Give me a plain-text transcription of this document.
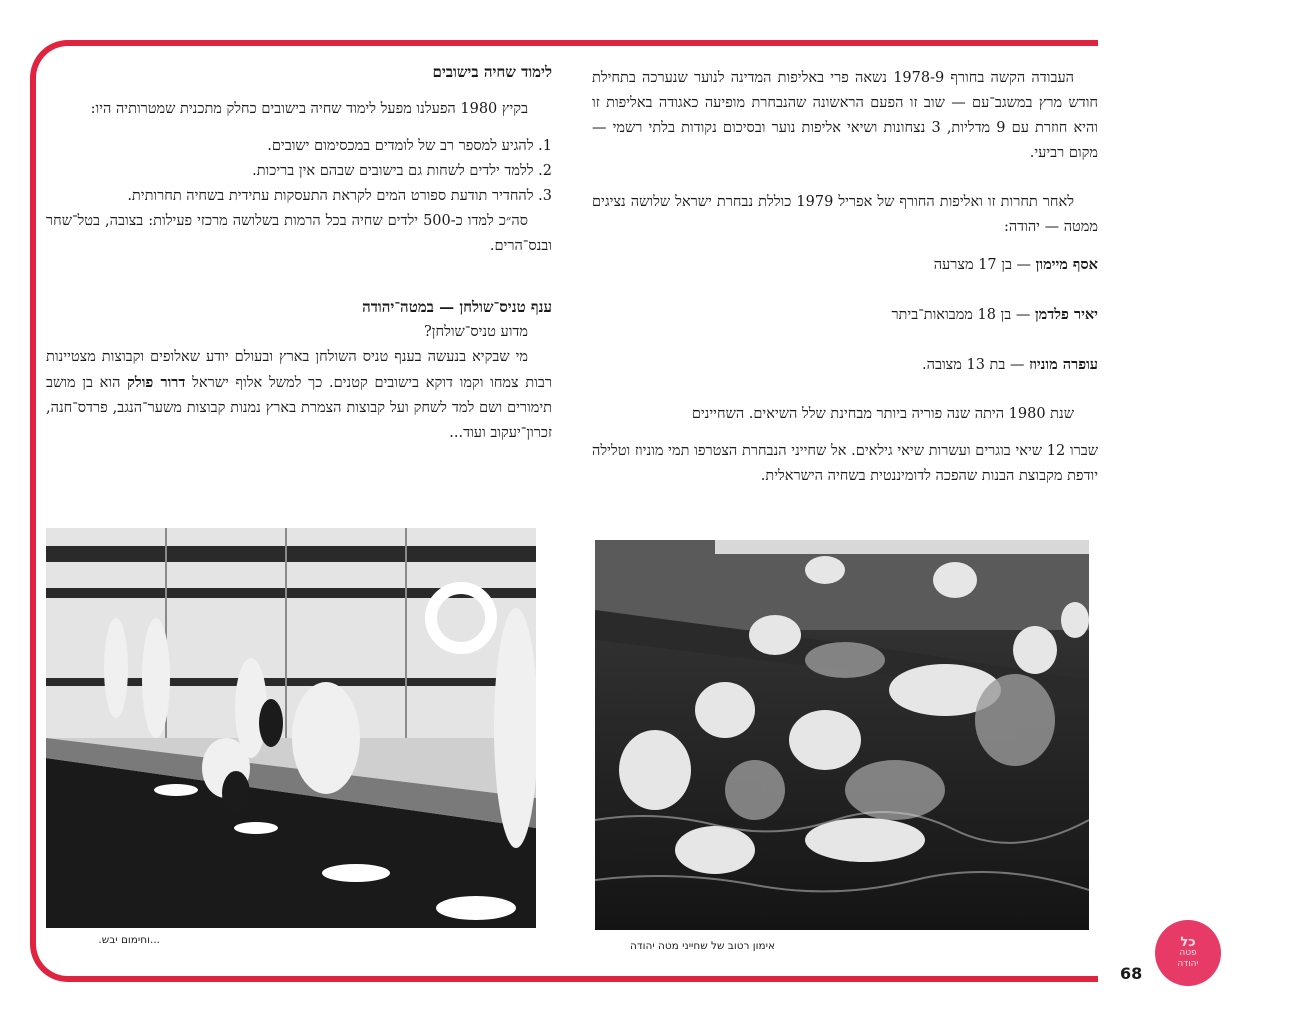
העבודה הקשה בחורף 1978-9 נשאה פרי באליפות המדינה לנוער שנערכה בתחילת חודש מרץ במשגב־עם — שוב זו הפעם הראשונה שהנבחרת מופיעה כאגודה באליפות זו והיא חוזרת עם 9 מדליות, 3 נצחונות ושיאי אליפות נוער ובסיכום נקודות בלתי רשמי — מקום רביעי.

לאחר תחרות זו ואליפות החורף של אפריל 1979 כוללת נבחרת ישראל שלושה נציגים ממטה — יהודה:

אסף מיימון — בן 17 מצרעה

יאיר פלדמן — בן 18 ממבואות־ביתר

עופרה מוניוז — בת 13 מצובה.

שנת 1980 היתה שנה פוריה ביותר מבחינת שלל השיאים. השחיינים

שברו 12 שיאי בוגרים ועשרות שיאי גילאים. אל שחייני הנבחרת הצטרפו תמי מוניוז וטלילה יודפת מקבוצת הבנות שהפכה לדומיננטית בשחיה הישראלית.

לימוד שחיה בישובים

בקיץ 1980 הפעלנו מפעל לימוד שחיה בישובים כחלק מתכנית שמטרותיה היו:

1. להגיע למספר רב של לומדים במכסימום ישובים.
2. ללמד ילדים לשחות גם בישובים שבהם אין בריכות.
3. להחדיר תודעת ספורט המים לקראת התעסקות עתידית בשחיה תחרותית.

סה״כ למדו כ-500 ילדים שחיה בכל הרמות בשלושה מרכזי פעילות: בצובה, בטל־שחר ובנס־הרים.

ענף טניס־שולחן — במטה־יהודה

מדוע טניס־שולחן?

מי שבקיא בנעשה בענף טניס השולחן בארץ ובעולם יודע שאלופים וקבוצות מצטיינות רבות צמחו וקמו דוקא בישובים קטנים. כך למשל אלוף ישראל דרור פולק הוא בן מושב תימורים ושם למד לשחק ועל קבוצות הצמרת בארץ נמנות קבוצות משער־הנגב, פרדס־חנה, זכרון־יעקוב ועוד...

אימון רטוב של שחייני מטה יהודה
...וחימום יבש.
68
כל
פטה
יהודה
